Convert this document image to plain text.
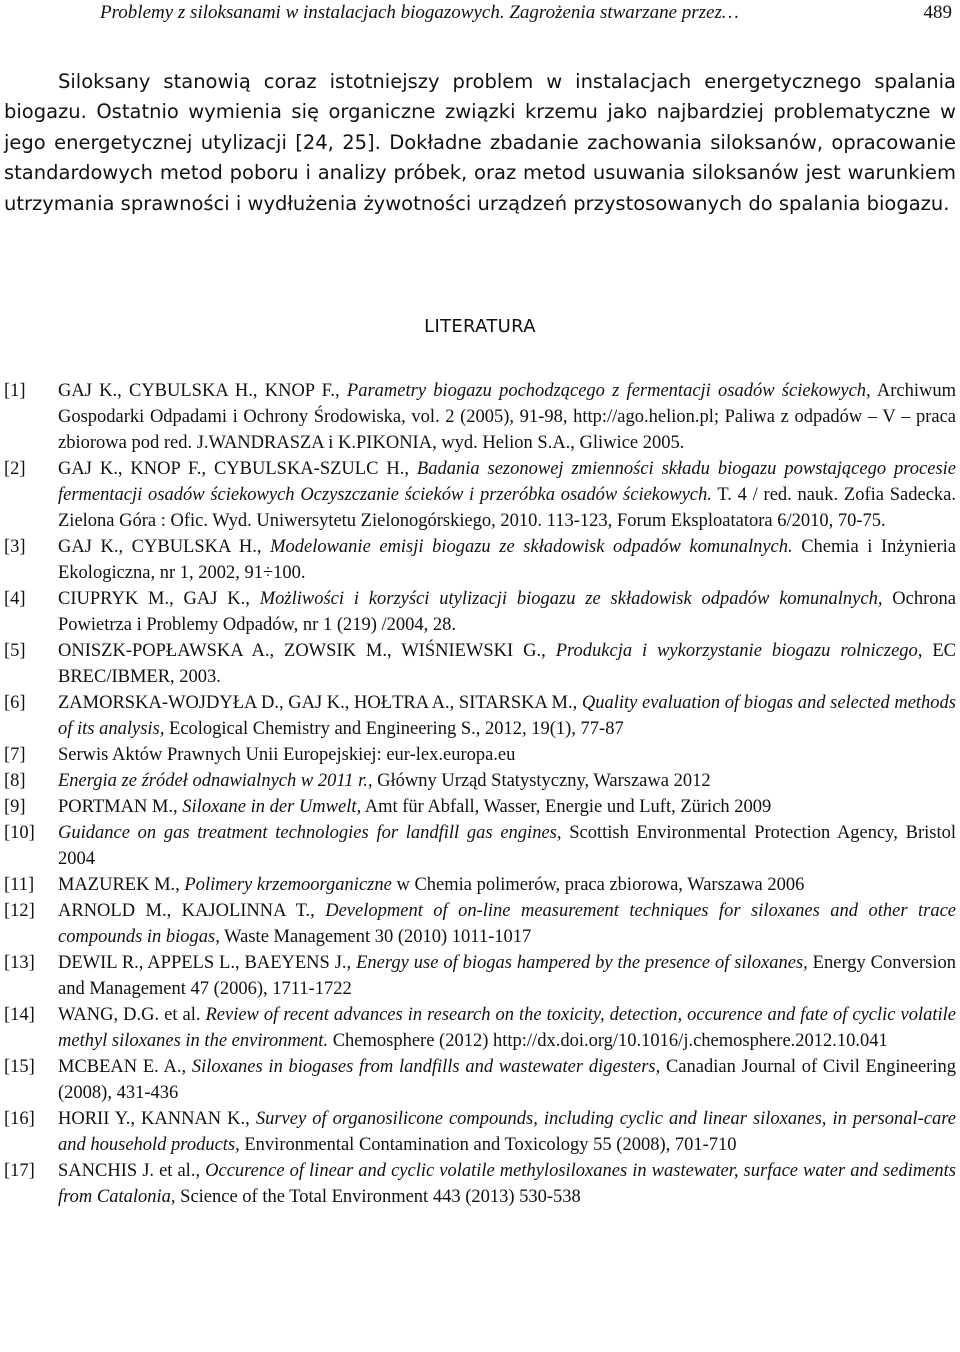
Problemy z siloksanami w instalacjach biogazowych. Zagrożenia stwarzane przez…	489

Siloksany stanowią coraz istotniejszy problem w instalacjach energetycznego spalania biogazu. Ostatnio wymienia się organiczne związki krzemu jako najbardziej problematyczne w jego energetycznej utylizacji [24, 25]. Dokładne zbadanie zachowania siloksanów, opracowanie standardowych metod poboru i analizy próbek, oraz metod usuwania siloksanów jest warunkiem utrzymania sprawności i wydłużenia żywotności urządzeń przystosowanych do spalania biogazu.

LITERATURA
[1] GAJ K., CYBULSKA H., KNOP F., Parametry biogazu pochodzącego z fermentacji osadów ściekowych, Archiwum Gospodarki Odpadami i Ochrony Środowiska, vol. 2 (2005), 91-98, http://ago.helion.pl; Paliwa z odpadów – V – praca zbiorowa pod red. J.WANDRASZA i K.PIKONIA, wyd. Helion S.A., Gliwice 2005.
[2] GAJ K., KNOP F., CYBULSKA-SZULC H., Badania sezonowej zmienności składu biogazu powstającego procesie fermentacji osadów ściekowych Oczyszczanie ścieków i przeróbka osadów ściekowych. T. 4 / red. nauk. Zofia Sadecka. Zielona Góra : Ofic. Wyd. Uniwersytetu Zielonogórskiego, 2010. 113-123, Forum Eksploatatora 6/2010, 70-75.
[3] GAJ K., CYBULSKA H., Modelowanie emisji biogazu ze składowisk odpadów komunalnych. Chemia i Inżynieria Ekologiczna, nr 1, 2002, 91÷100.
[4] CIUPRYK M., GAJ K., Możliwości i korzyści utylizacji biogazu ze składowisk odpadów komunalnych, Ochrona Powietrza i Problemy Odpadów, nr 1 (219) /2004, 28.
[5] ONISZK-POPŁAWSKA A., ZOWSIK M., WIŚNIEWSKI G., Produkcja i wykorzystanie biogazu rolniczego, EC BREC/IBMER, 2003.
[6] ZAMORSKA-WOJDYŁA D., GAJ K., HOŁTRA A., SITARSKA M., Quality evaluation of biogas and selected methods of its analysis, Ecological Chemistry and Engineering S., 2012, 19(1), 77-87
[7] Serwis Aktów Prawnych Unii Europejskiej: eur-lex.europa.eu
[8] Energia ze źródeł odnawialnych w 2011 r., Główny Urząd Statystyczny, Warszawa 2012
[9] PORTMAN M., Siloxane in der Umwelt, Amt für Abfall, Wasser, Energie und Luft, Zürich 2009
[10] Guidance on gas treatment technologies for landfill gas engines, Scottish Environmental Protection Agency, Bristol 2004
[11] MAZUREK M., Polimery krzemoorganiczne w Chemia polimerów, praca zbiorowa, Warszawa 2006
[12] ARNOLD M., KAJOLINNA T., Development of on-line measurement techniques for siloxanes and other trace compounds in biogas, Waste Management 30 (2010) 1011-1017
[13] DEWIL R., APPELS L., BAEYENS J., Energy use of biogas hampered by the presence of siloxanes, Energy Conversion and Management 47 (2006), 1711-1722
[14] WANG, D.G. et al. Review of recent advances in research on the toxicity, detection, occurence and fate of cyclic volatile methyl siloxanes in the environment. Chemosphere (2012) http://dx.doi.org/10.1016/j.chemosphere.2012.10.041
[15] MCBEAN E. A., Siloxanes in biogases from landfills and wastewater digesters, Canadian Journal of Civil Engineering (2008), 431-436
[16] HORII Y., KANNAN K., Survey of organosilicone compounds, including cyclic and linear siloxanes, in personal-care and household products, Environmental Contamination and Toxicology 55 (2008), 701-710
[17] SANCHIS J. et al., Occurence of linear and cyclic volatile methylosiloxanes in wastewater, surface water and sediments from Catalonia, Science of the Total Environment 443 (2013) 530-538
